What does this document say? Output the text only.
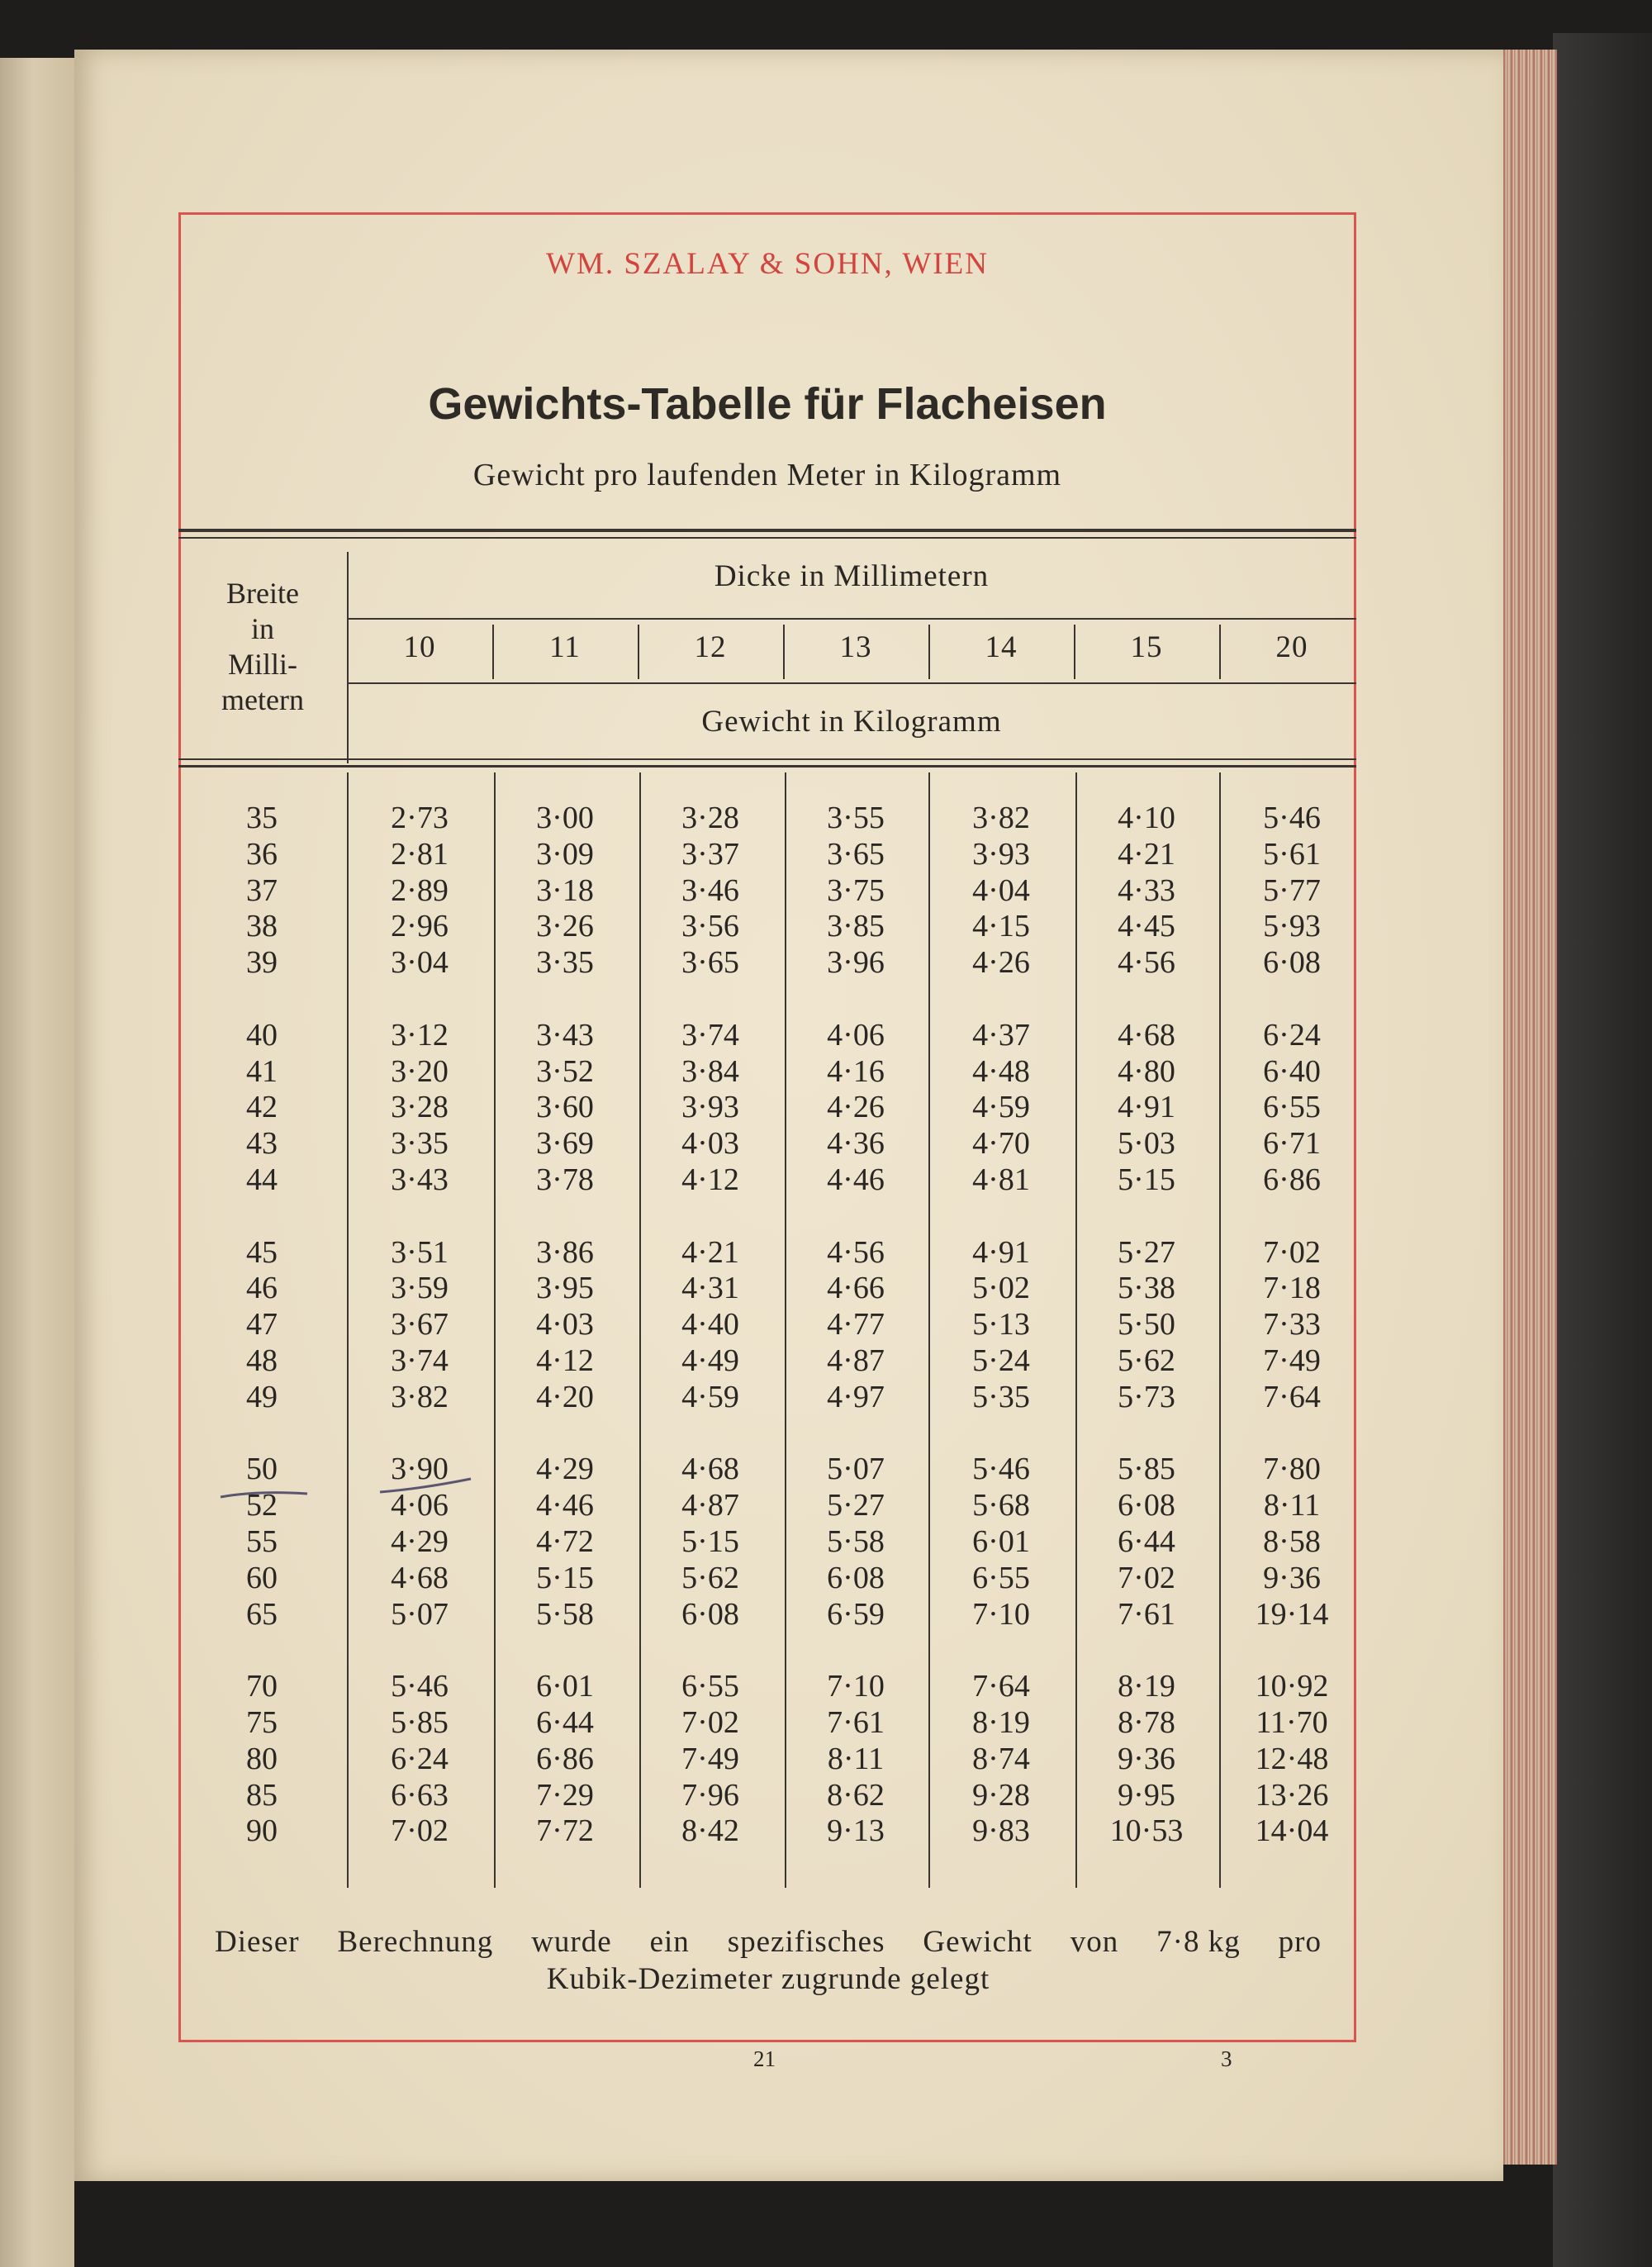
WM. SZALAY & SOHN, WIEN
Gewichts-Tabelle für Flacheisen
Gewicht pro laufenden Meter in Kilogramm
Breite
in
Milli-
metern
Dicke in Millimetern
Gewicht in Kilogramm
10	11	12	13	14	15	20
35	2·73	3·00	3·28	3·55	3·82	4·10	5·46
36	2·81	3·09	3·37	3·65	3·93	4·21	5·61
37	2·89	3·18	3·46	3·75	4·04	4·33	5·77
38	2·96	3·26	3·56	3·85	4·15	4·45	5·93
39	3·04	3·35	3·65	3·96	4·26	4·56	6·08
40	3·12	3·43	3·74	4·06	4·37	4·68	6·24
41	3·20	3·52	3·84	4·16	4·48	4·80	6·40
42	3·28	3·60	3·93	4·26	4·59	4·91	6·55
43	3·35	3·69	4·03	4·36	4·70	5·03	6·71
44	3·43	3·78	4·12	4·46	4·81	5·15	6·86
45	3·51	3·86	4·21	4·56	4·91	5·27	7·02
46	3·59	3·95	4·31	4·66	5·02	5·38	7·18
47	3·67	4·03	4·40	4·77	5·13	5·50	7·33
48	3·74	4·12	4·49	4·87	5·24	5·62	7·49
49	3·82	4·20	4·59	4·97	5·35	5·73	7·64
50	3·90	4·29	4·68	5·07	5·46	5·85	7·80
52	4·06	4·46	4·87	5·27	5·68	6·08	8·11
55	4·29	4·72	5·15	5·58	6·01	6·44	8·58
60	4·68	5·15	5·62	6·08	6·55	7·02	9·36
65	5·07	5·58	6·08	6·59	7·10	7·61	19·14
70	5·46	6·01	6·55	7·10	7·64	8·19	10·92
75	5·85	6·44	7·02	7·61	8·19	8·78	11·70
80	6·24	6·86	7·49	8·11	8·74	9·36	12·48
85	6·63	7·29	7·96	8·62	9·28	9·95	13·26
90	7·02	7·72	8·42	9·13	9·83	10·53	14·04
Dieser Berechnung wurde ein spezifisches Gewicht von 7·8 kg pro
Kubik-Dezimeter zugrunde gelegt
21	3
